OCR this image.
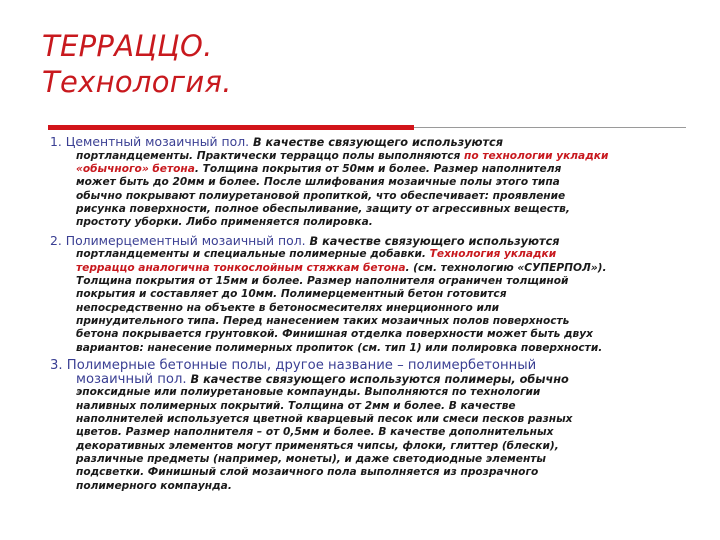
ТЕРРАЦЦО.
Технология.
1. Цементный мозаичный пол. В качестве связующего используются
портландцементы. Практически терраццо полы выполняются по технологии укладки
«обычного» бетона. Толщина покрытия от 50мм и более. Размер наполнителя
может быть до 20мм и более. После шлифования мозаичные полы этого типа
обычно покрывают полиуретановой пропиткой, что обеспечивает: проявление
рисунка поверхности, полное обеспыливание, защиту от агрессивных веществ,
простоту уборки. Либо применяется полировка.
2. Полимерцементный мозаичный пол. В качестве связующего используются
портландцементы и специальные полимерные добавки. Технология укладки
терраццо аналогична тонкослойным стяжкам бетона. (см. технологию «СУПЕРПОЛ»).
Толщина покрытия от 15мм и более. Размер наполнителя ограничен толщиной
покрытия и составляет до 10мм. Полимерцементный бетон готовится
непосредственно на объекте в бетоносмесителях инерционного или
принудительного типа. Перед нанесением таких мозаичных полов поверхность
бетона покрывается грунтовкой. Финишная отделка поверхности может быть двух
вариантов: нанесение полимерных пропиток (см. тип 1) или полировка поверхности.
3. Полимерные бетонные полы, другое название – полимербетонный
мозаичный пол. В качестве связующего используются полимеры, обычно
эпоксидные или полиуретановые компаунды. Выполняются по технологии
наливных полимерных покрытий. Толщина от 2мм и более. В качестве
наполнителей используется цветной кварцевый песок или смеси песков разных
цветов. Размер наполнителя – от 0,5мм и более. В качестве дополнительных
декоративных элементов могут применяться чипсы, флоки, глиттер (блески),
различные предметы (например, монеты), и даже светодиодные элементы
подсветки. Финишный слой мозаичного пола выполняется из прозрачного
полимерного компаунда.
